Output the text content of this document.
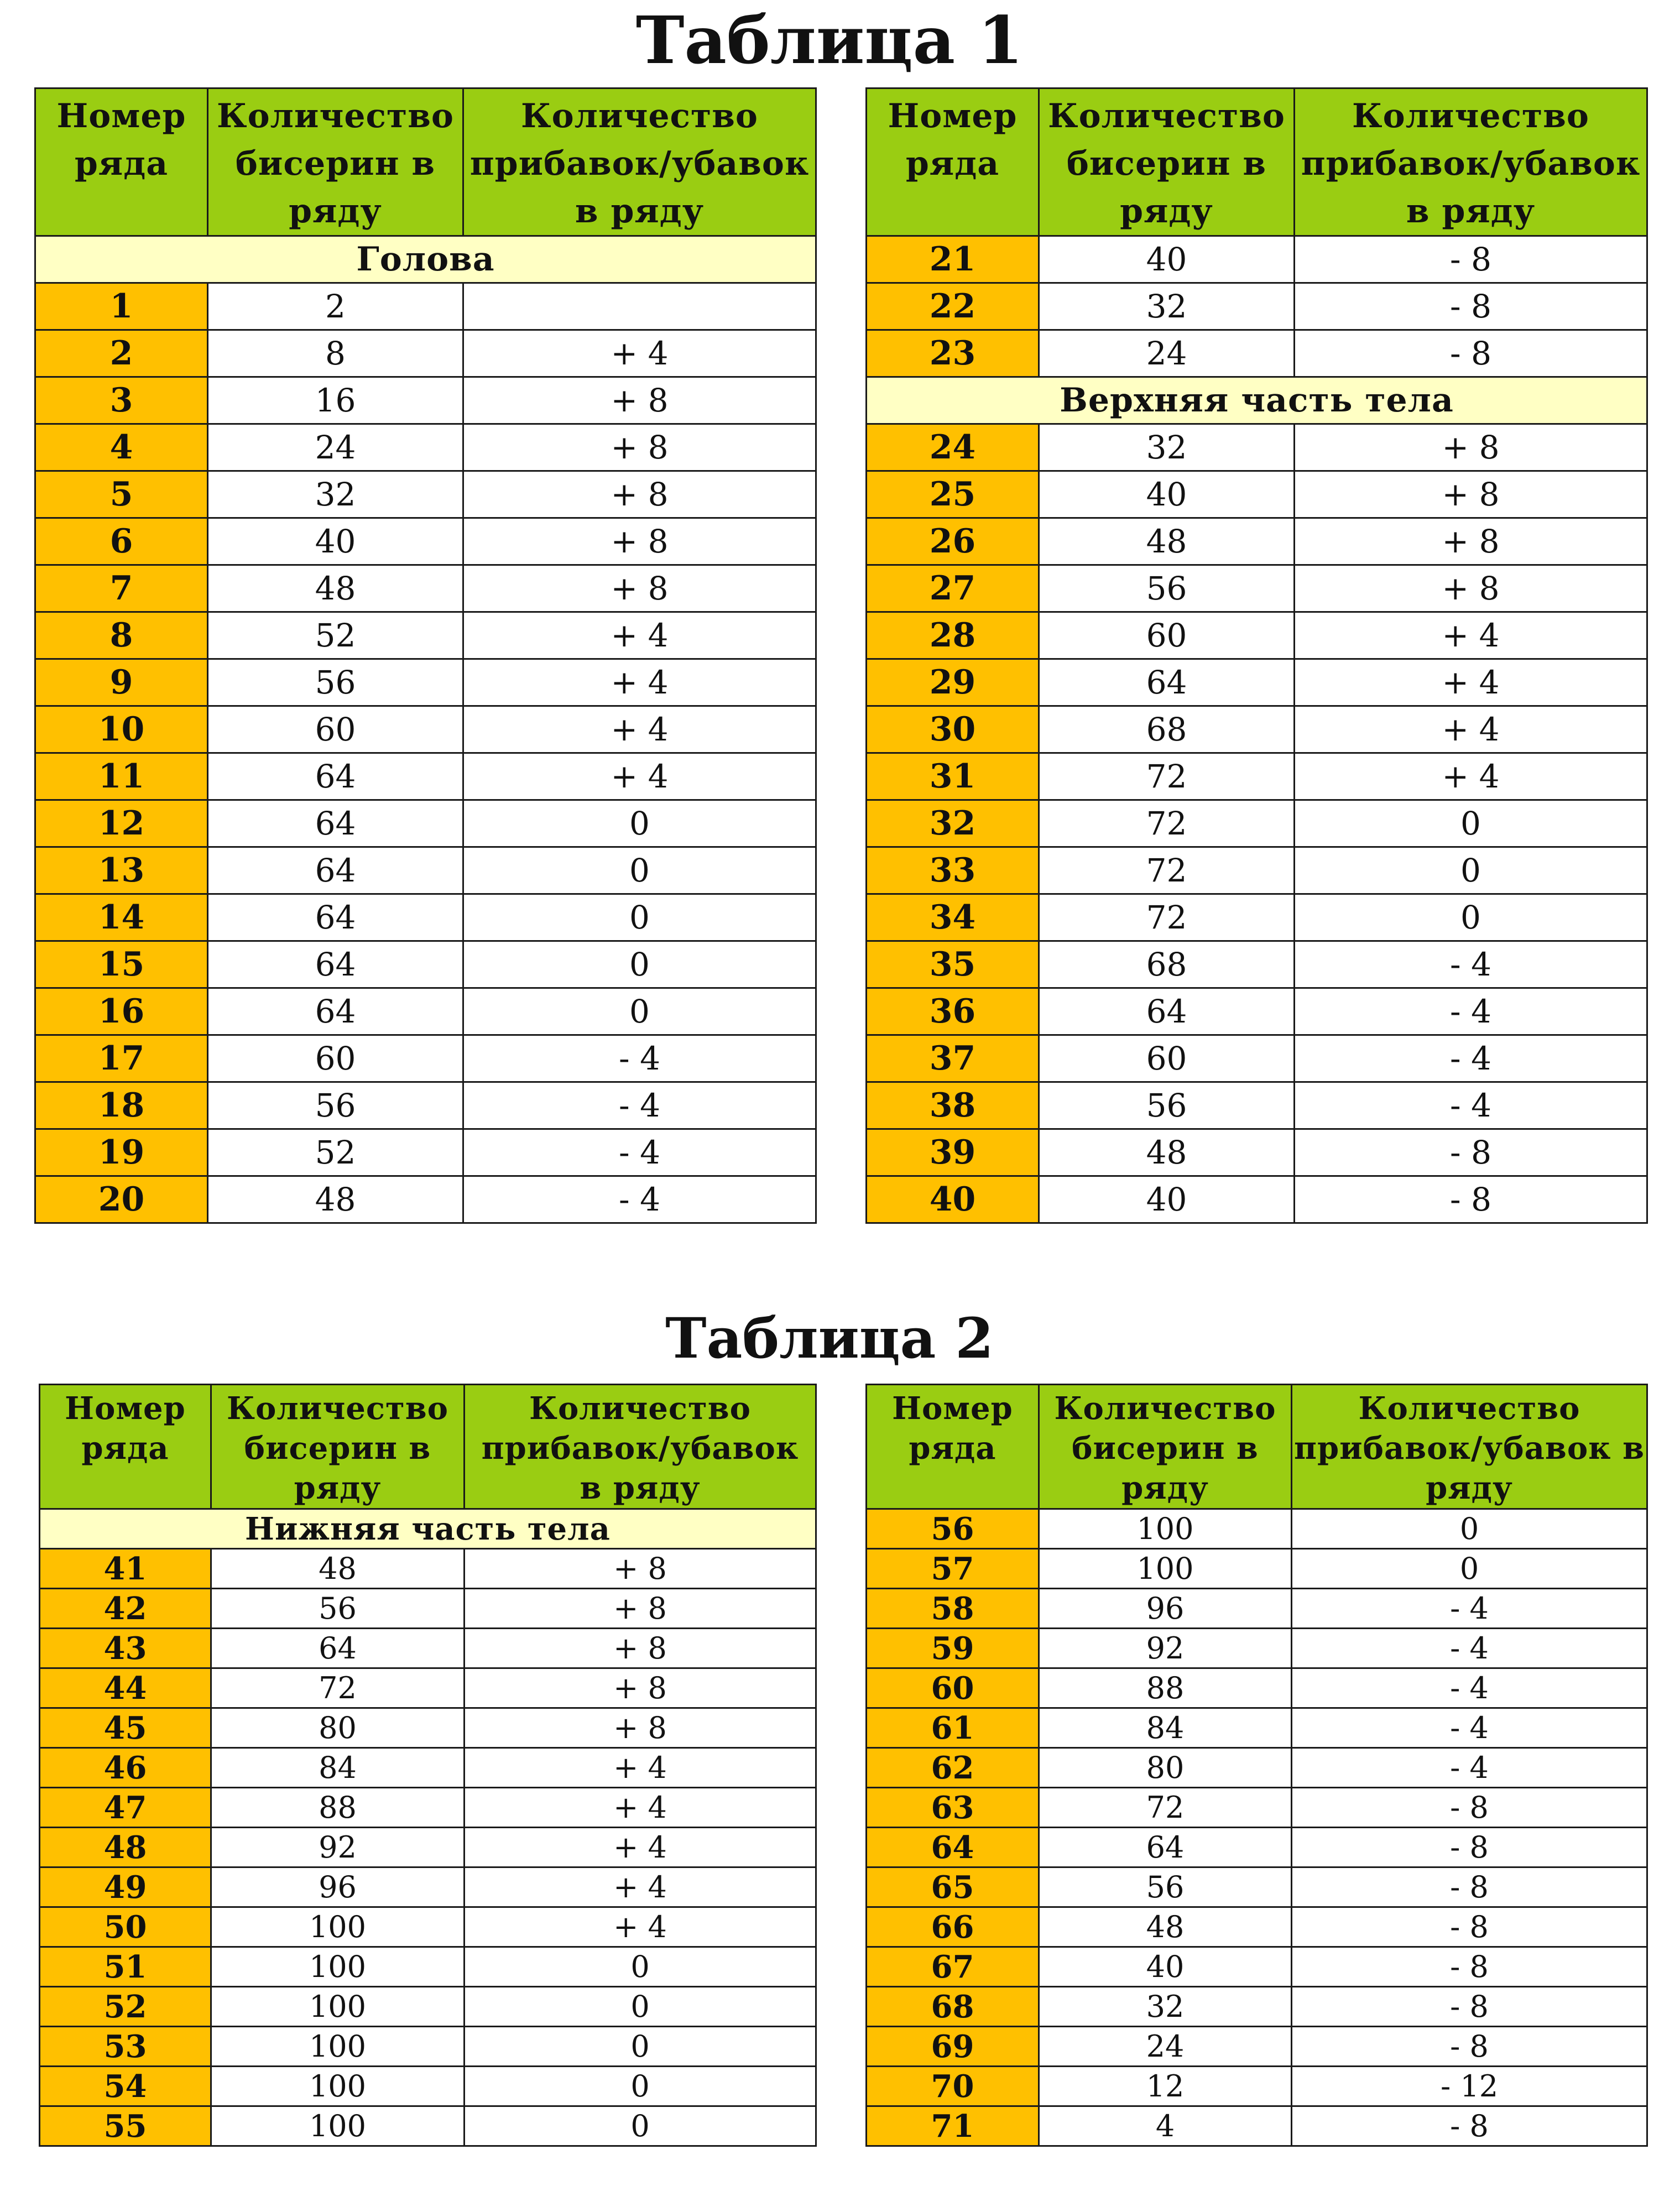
Таблица 1
Номер ряда	Количество бисерин в ряду	Количество прибавок/убавок в ряду
Голова		
1	2	
2	8	+ 4
3	16	+ 8
4	24	+ 8
5	32	+ 8
6	40	+ 8
7	48	+ 8
8	52	+ 4
9	56	+ 4
10	60	+ 4
11	64	+ 4
12	64	0
13	64	0
14	64	0
15	64	0
16	64	0
17	60	- 4
18	56	- 4
19	52	- 4
20	48	- 4
Номер ряда	Количество бисерин в ряду	Количество прибавок/убавок в ряду
21	40	- 8
22	32	- 8
23	24	- 8
Верхняя часть тела		
24	32	+ 8
25	40	+ 8
26	48	+ 8
27	56	+ 8
28	60	+ 4
29	64	+ 4
30	68	+ 4
31	72	+ 4
32	72	0
33	72	0
34	72	0
35	68	- 4
36	64	- 4
37	60	- 4
38	56	- 4
39	48	- 8
40	40	- 8
Таблица 2
Номер ряда	Количество бисерин в ряду	Количество прибавок/убавок в ряду
Нижняя часть тела		
41	48	+ 8
42	56	+ 8
43	64	+ 8
44	72	+ 8
45	80	+ 8
46	84	+ 4
47	88	+ 4
48	92	+ 4
49	96	+ 4
50	100	+ 4
51	100	0
52	100	0
53	100	0
54	100	0
55	100	0
Номер ряда	Количество бисерин в ряду	Количество прибавок/убавок в ряду
56	100	0
57	100	0
58	96	- 4
59	92	- 4
60	88	- 4
61	84	- 4
62	80	- 4
63	72	- 8
64	64	- 8
65	56	- 8
66	48	- 8
67	40	- 8
68	32	- 8
69	24	- 8
70	12	- 12
71	4	- 8
